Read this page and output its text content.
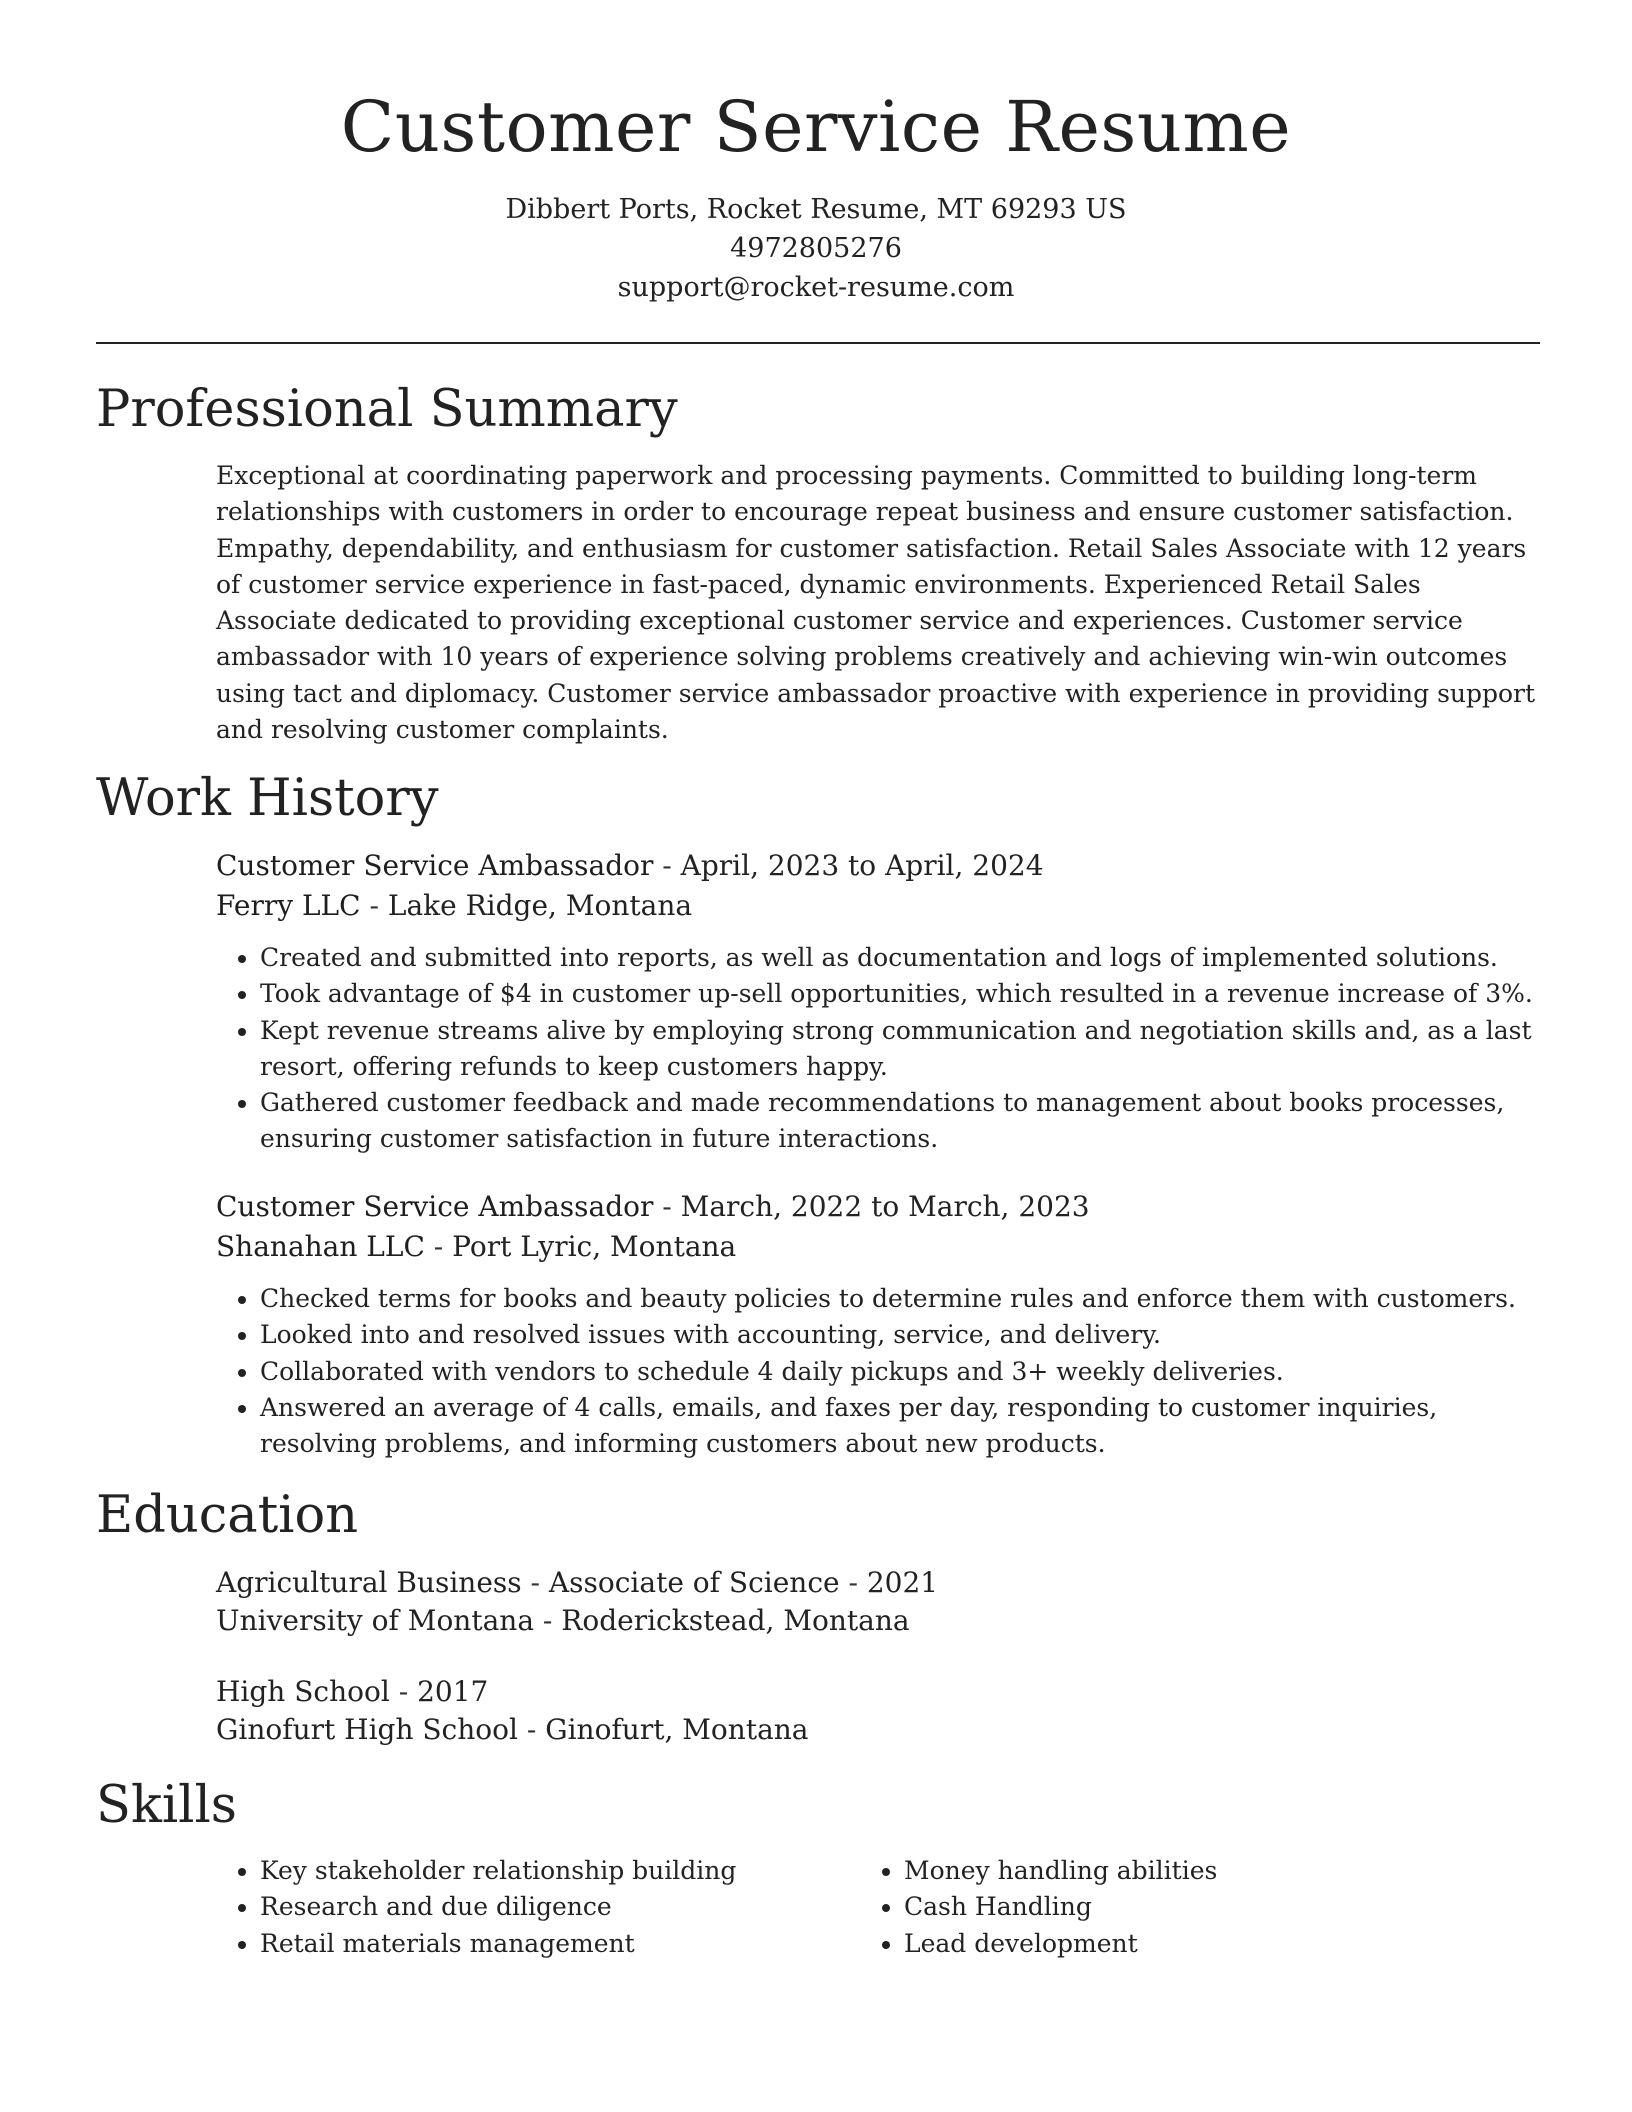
Customer Service Resume
Dibbert Ports, Rocket Resume, MT 69293 US
4972805276
support@rocket-resume.com
Professional Summary
Exceptional at coordinating paperwork and processing payments. Committed to building long-term relationships with customers in order to encourage repeat business and ensure customer satisfaction. Empathy, dependability, and enthusiasm for customer satisfaction. Retail Sales Associate with 12 years of customer service experience in fast-paced, dynamic environments. Experienced Retail Sales Associate dedicated to providing exceptional customer service and experiences. Customer service ambassador with 10 years of experience solving problems creatively and achieving win-win outcomes using tact and diplomacy. Customer service ambassador proactive with experience in providing support and resolving customer complaints.
Work History
Customer Service Ambassador - April, 2023 to April, 2024
Ferry LLC - Lake Ridge, Montana
• Created and submitted into reports, as well as documentation and logs of implemented solutions.
• Took advantage of $4 in customer up-sell opportunities, which resulted in a revenue increase of 3%.
• Kept revenue streams alive by employing strong communication and negotiation skills and, as a last resort, offering refunds to keep customers happy.
• Gathered customer feedback and made recommendations to management about books processes, ensuring customer satisfaction in future interactions.
Customer Service Ambassador - March, 2022 to March, 2023
Shanahan LLC - Port Lyric, Montana
• Checked terms for books and beauty policies to determine rules and enforce them with customers.
• Looked into and resolved issues with accounting, service, and delivery.
• Collaborated with vendors to schedule 4 daily pickups and 3+ weekly deliveries.
• Answered an average of 4 calls, emails, and faxes per day, responding to customer inquiries, resolving problems, and informing customers about new products.
Education
Agricultural Business - Associate of Science - 2021
University of Montana - Roderickstead, Montana
High School - 2017
Ginofurt High School - Ginofurt, Montana
Skills
• Key stakeholder relationship building
• Research and due diligence
• Retail materials management
• Money handling abilities
• Cash Handling
• Lead development
